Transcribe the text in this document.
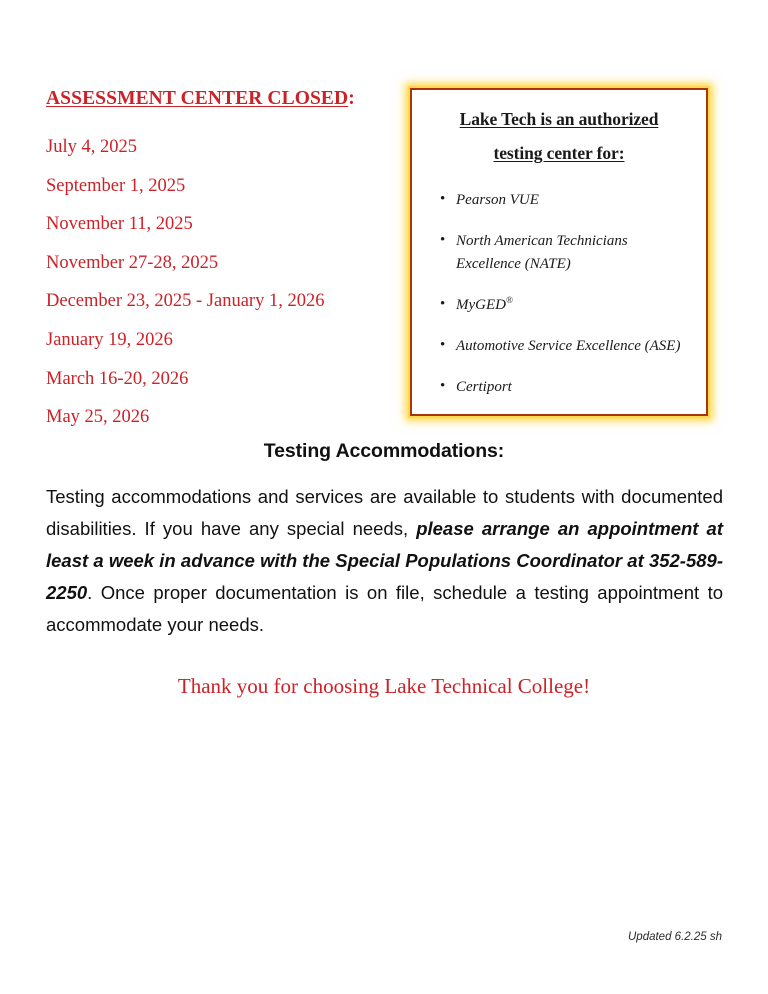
ASSESSMENT CENTER CLOSED:
July 4, 2025
September 1, 2025
November 11, 2025
November 27-28, 2025
December 23, 2025 - January 1, 2026
January 19, 2026
March 16-20, 2026
May 25, 2026
Lake Tech is an authorized
testing center for:
• Pearson VUE
• North American Technicians Excellence (NATE)
• MyGED®
• Automotive Service Excellence (ASE)
• Certiport
Testing Accommodations:
Testing accommodations and services are available to students with documented disabilities. If you have any special needs, please arrange an appointment at least a week in advance with the Special Populations Coordinator at 352-589-2250. Once proper documentation is on file, schedule a testing appointment to accommodate your needs.
Thank you for choosing Lake Technical College!
Updated 6.2.25 sh
